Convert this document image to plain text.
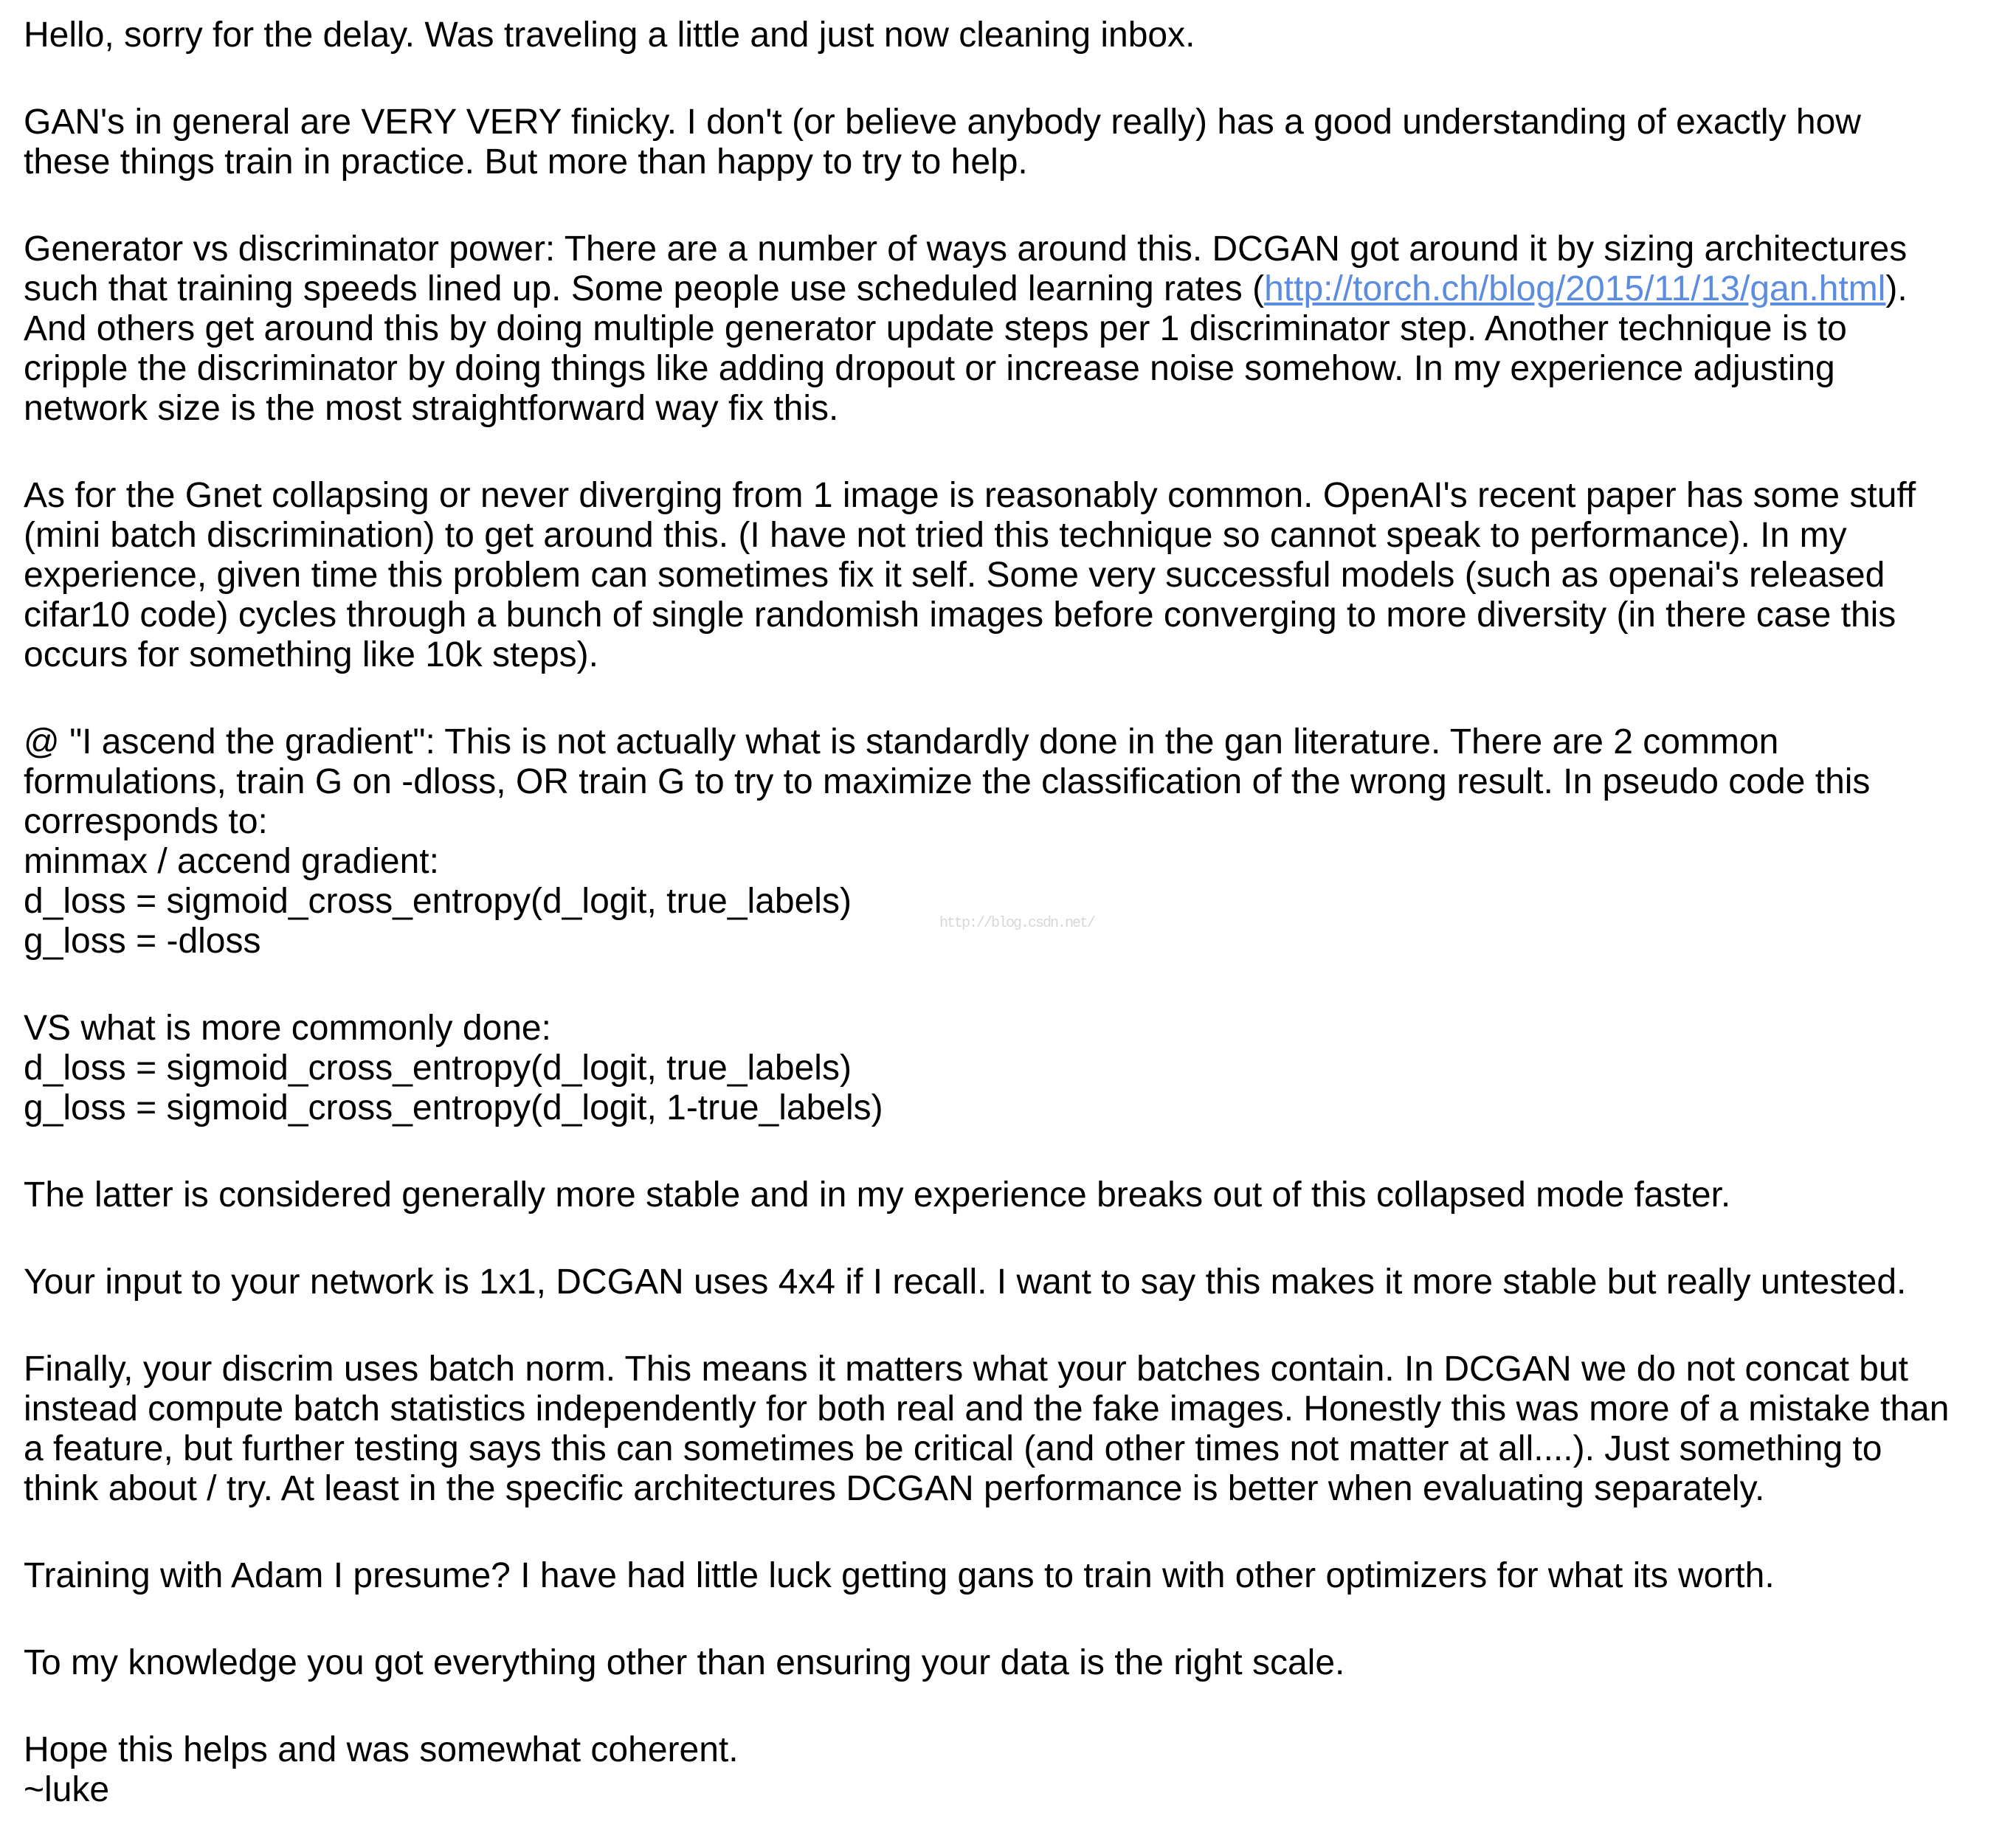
Hello, sorry for the delay. Was traveling a little and just now cleaning inbox.
GAN's in general are VERY VERY finicky. I don't (or believe anybody really) has a good understanding of exactly how
these things train in practice. But more than happy to try to help.
Generator vs discriminator power: There are a number of ways around this. DCGAN got around it by sizing architectures
such that training speeds lined up. Some people use scheduled learning rates (http://torch.ch/blog/2015/11/13/gan.html).
And others get around this by doing multiple generator update steps per 1 discriminator step. Another technique is to
cripple the discriminator by doing things like adding dropout or increase noise somehow. In my experience adjusting
network size is the most straightforward way fix this.
As for the Gnet collapsing or never diverging from 1 image is reasonably common. OpenAI's recent paper has some stuff
(mini batch discrimination) to get around this. (I have not tried this technique so cannot speak to performance). In my
experience, given time this problem can sometimes fix it self. Some very successful models (such as openai's released
cifar10 code) cycles through a bunch of single randomish images before converging to more diversity (in there case this
occurs for something like 10k steps).
@ "I ascend the gradient": This is not actually what is standardly done in the gan literature. There are 2 common
formulations, train G on -dloss, OR train G to try to maximize the classification of the wrong result. In pseudo code this
corresponds to:
minmax / accend gradient:
d_loss = sigmoid_cross_entropy(d_logit, true_labels)
g_loss = -dloss
VS what is more commonly done:
d_loss = sigmoid_cross_entropy(d_logit, true_labels)
g_loss = sigmoid_cross_entropy(d_logit, 1-true_labels)
The latter is considered generally more stable and in my experience breaks out of this collapsed mode faster.
Your input to your network is 1x1, DCGAN uses 4x4 if I recall. I want to say this makes it more stable but really untested.
Finally, your discrim uses batch norm. This means it matters what your batches contain. In DCGAN we do not concat but
instead compute batch statistics independently for both real and the fake images. Honestly this was more of a mistake than
a feature, but further testing says this can sometimes be critical (and other times not matter at all....). Just something to
think about / try. At least in the specific architectures DCGAN performance is better when evaluating separately.
Training with Adam I presume? I have had little luck getting gans to train with other optimizers for what its worth.
To my knowledge you got everything other than ensuring your data is the right scale.
Hope this helps and was somewhat coherent.
~luke
http://blog.csdn.net/
